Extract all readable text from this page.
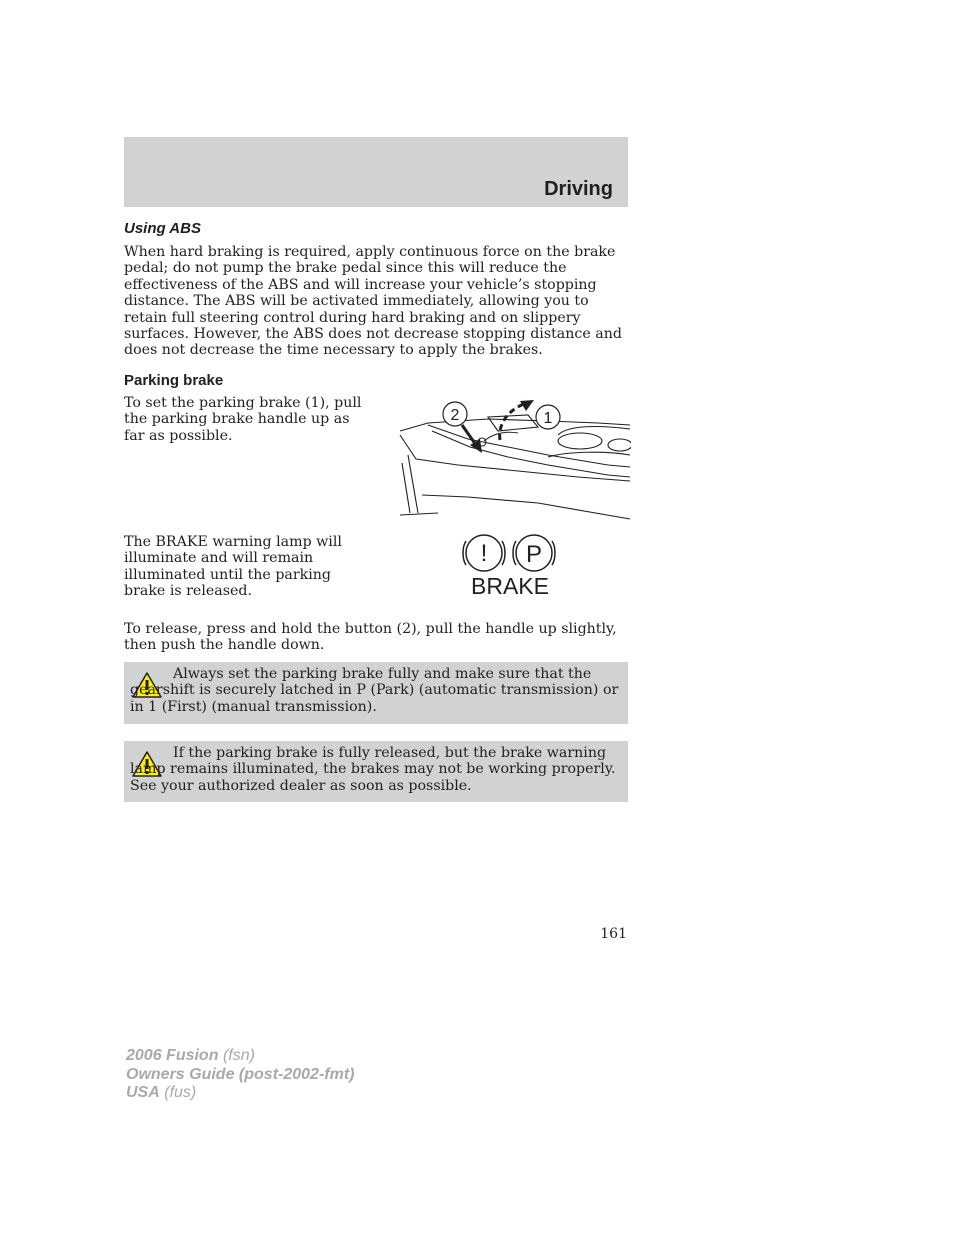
Driving
Using ABS

When hard braking is required, apply continuous force on the brake pedal; do not pump the brake pedal since this will reduce the effectiveness of the ABS and will increase your vehicle’s stopping distance. The ABS will be activated immediately, allowing you to retain full steering control during hard braking and on slippery surfaces. However, the ABS does not decrease stopping distance and does not decrease the time necessary to apply the brakes.

Parking brake

To set the parking brake (1), pull the parking brake handle up as far as possible.

2	1

The BRAKE warning lamp will illuminate and will remain illuminated until the parking brake is released.

! P
BRAKE

To release, press and hold the button (2), pull the handle up slightly, then push the handle down.

Always set the parking brake fully and make sure that the gearshift is securely latched in P (Park) (automatic transmission) or in 1 (First) (manual transmission).
If the parking brake is fully released, but the brake warning lamp remains illuminated, the brakes may not be working properly. See your authorized dealer as soon as possible.
161
2006 Fusion (fsn)
Owners Guide (post-2002-fmt)
USA (fus)
